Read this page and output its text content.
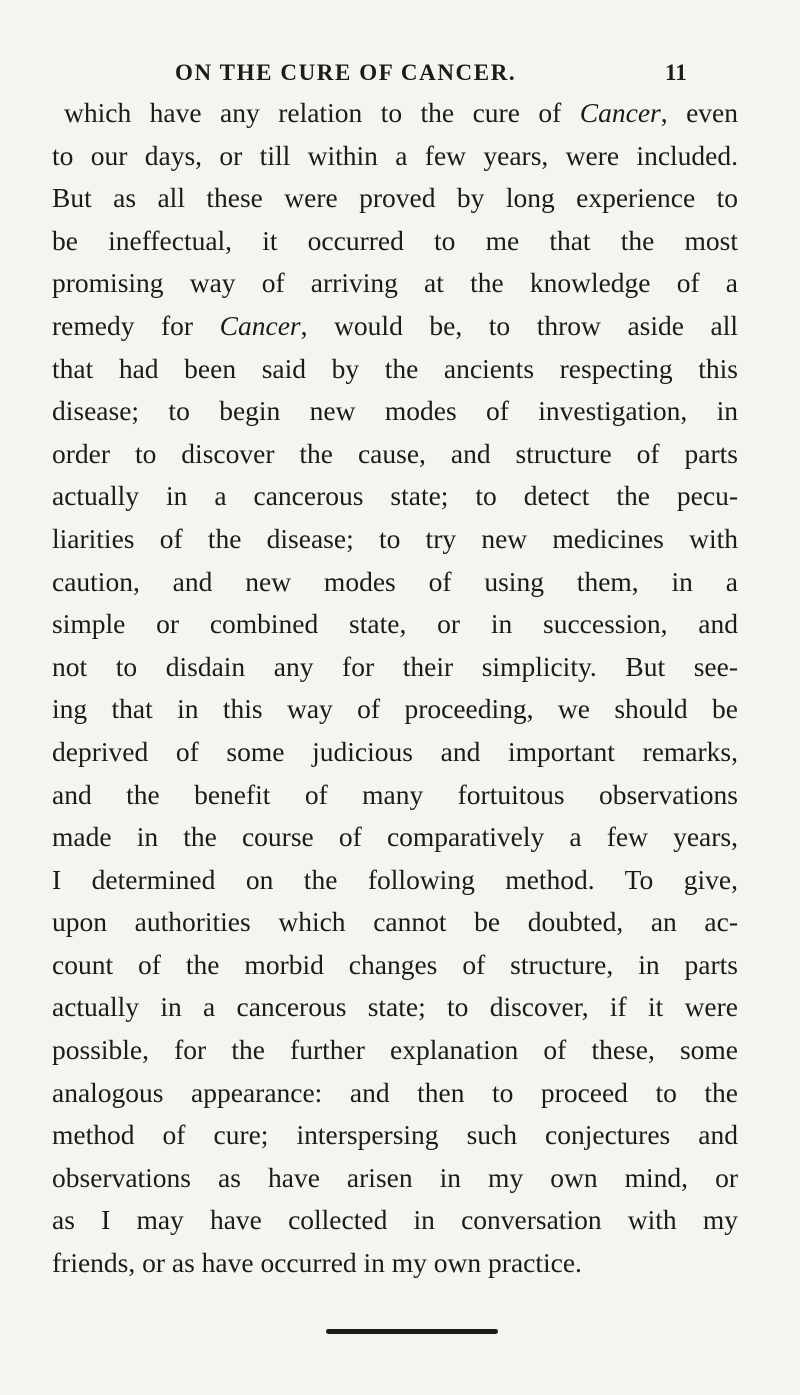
ON THE CURE OF CANCER.	11
which have any relation to the cure of Cancer, even
to our days, or till within a few years, were included.
But as all these were proved by long experience to
be ineffectual, it occurred to me that the most
promising way of arriving at the knowledge of a
remedy for Cancer, would be, to throw aside all
that had been said by the ancients respecting this
disease; to begin new modes of investigation, in
order to discover the cause, and structure of parts
actually in a cancerous state; to detect the pecu-
liarities of the disease; to try new medicines with
caution, and new modes of using them, in a
simple or combined state, or in succession, and
not to disdain any for their simplicity. But see-
ing that in this way of proceeding, we should be
deprived of some judicious and important remarks,
and the benefit of many fortuitous observations
made in the course of comparatively a few years,
I determined on the following method. To give,
upon authorities which cannot be doubted, an ac-
count of the morbid changes of structure, in parts
actually in a cancerous state; to discover, if it were
possible, for the further explanation of these, some
analogous appearance: and then to proceed to the
method of cure; interspersing such conjectures and
observations as have arisen in my own mind, or
as I may have collected in conversation with my
friends, or as have occurred in my own practice.
